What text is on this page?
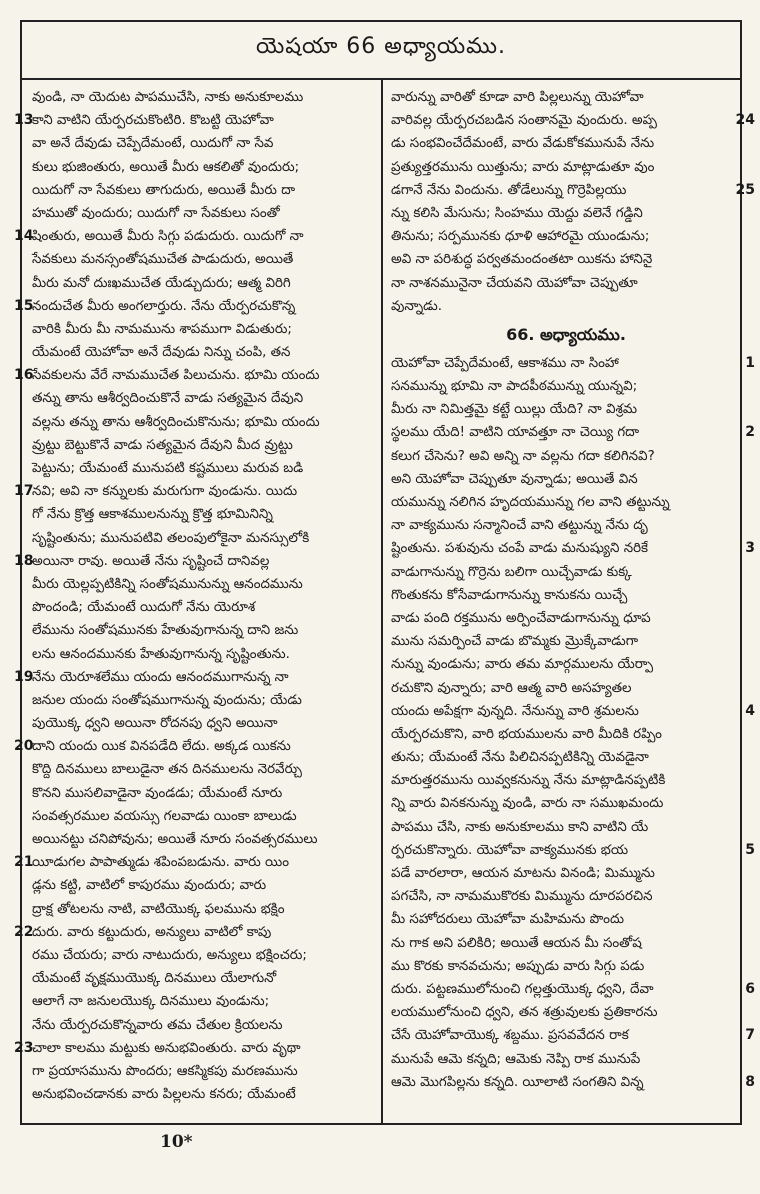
యెషయా 66 అధ్యాయము.
వుండి, నా యెదుట పాపముచేసి, నాకు అనుకూలము
13
కాని వాటిని యేర్పరచుకొంటిరి. కొబట్టి యెహోవా
వా అనే దేవుడు చెప్పేదేమంటే, యిదుగో నా సేవ
కులు భుజింతురు, అయితే మీరు ఆకలితో వుందురు;
యిదుగో నా సేవకులు తాగుదురు, అయితే మీరు దా
హముతో వుందురు; యిదుగో నా సేవకులు సంతో
14
షింతురు, అయితే మీరు సిగ్గు పడుదురు. యిదుగో నా
సేవకులు మనస్సంతోషముచేత పాడుదురు, అయితే
మీరు మనో దుఃఖముచేత యేడ్చుదురు; ఆత్మ విరిగి
15
నందుచేత మీరు అంగలార్తురు. నేను యేర్పరచుకొన్న
వారికి మీరు మీ నామమును శాపముగా విడుతురు;
యేమంటే యెహోవా అనే దేవుడు నిన్ను చంపి, తన
16
సేవకులను వేరే నామముచేత పిలుచును. భూమి యందు
తన్ను తాను ఆశీర్వదించుకొనే వాడు సత్యమైన దేవుని
వల్లను తన్ను తాను ఆశీర్వదించుకొనును; భూమి యందు
వ్రుట్టు బెట్టుకొనే వాడు సత్యమైన దేవుని మీద వ్రుట్టు
పెట్టును; యేమంటే మునుపటి కష్టములు మరువ బడి
17
నవి; అవి నా కన్నులకు మరుగుగా వుండును. యిదు
గో నేను క్రొత్త ఆకాశములనున్ను క్రొత్త భూమినిన్ని
సృష్టింతును; మునుపటివి తలంపులోకైనా మనస్సులోకి
18
అయినా రావు. అయితే నేను సృష్టించే దానివల్ల
మీరు యెల్లప్పటికిన్ని సంతోషమునున్ను ఆనందమును
పొందండి; యేమంటే యిదుగో నేను యెరూశ
లేమును సంతోషమునకు హేతువుగానున్న దాని జను
లను ఆనందమునకు హేతువుగానున్న సృష్టింతును.
19
నేను యెరూశలేము యందు ఆనందముగానున్న నా
జనుల యందు సంతోషముగానున్న వుందును; యేడు
పుయొక్క ధ్వని అయినా రోదనపు ధ్వని అయినా
20
దాని యందు యిక వినపడేది లేదు. అక్కడ యికను
కొద్ది దినములు బాలుడైనా తన దినములను నెరవేర్చు
కొనని ముసలివాడైనా వుండడు; యేమంటే నూరు
సంవత్సరముల వయస్సు గలవాడు యింకా బాలుడు
అయినట్టు చనిపోవును; అయితే నూరు సంవత్సరములు
21
యీడుగల పాపాత్ముడు శపింపబడును. వారు యిం
డ్లను కట్టి, వాటిలో కాపురము వుందురు; వారు
ద్రాక్ష తోటలను నాటి, వాటియొక్క ఫలమును భక్షిం
22
దురు. వారు కట్టుదురు, అన్యులు వాటిలో కాపు
రము చేయరు; వారు నాటుదురు, అన్యులు భక్షించరు;
యేమంటే వృక్షముయొక్క దినములు యేలాగునో
ఆలాగే నా జనులయొక్క దినములు వుండును;
నేను యేర్పరచుకొన్నవారు తమ చేతుల క్రియలను
23
చాలా కాలము మట్టుకు అనుభవింతురు. వారు వృథా
గా ప్రయాసమును పొందరు; ఆకస్మికపు మరణమును
అనుభవించడానకు వారు పిల్లలను కనరు; యేమంటే
వారున్ను వారితో కూడా వారి పిల్లలున్ను యెహోవా
24
వారివల్ల యేర్పరచబడిన సంతానమై వుందురు. అప్ప
డు సంభవించేదేమంటే, వారు వేడుకోకమునుపే నేను
ప్రత్యుత్తరమును యిత్తును; వారు మాట్లాడుతూ వుం
25
డగానే నేను విందును. తోడేలున్ను గొర్రెపిల్లయు
న్ను కలిసి మేసును; సింహము యెద్దు వలెనే గడ్డిని
తినును; సర్పమునకు ధూళి ఆహారమై యుండును;
అవి నా పరిశుద్ధ పర్వతమందంతటా యికను హానినై
నా నాశనమునైనా చేయవని యెహోవా చెప్పుతూ
వున్నాడు.
66. అధ్యాయము.
1
యెహోవా చెప్పేదేమంటే, ఆకాశము నా సింహా
సనమున్ను భూమి నా పాదపీఠమున్ను యున్నవి;
మీరు నా నిమిత్తమై కట్టే యిల్లు యేది? నా విశ్రమ
2
స్థలము యేది! వాటిని యావత్తూ నా చెయ్యి గదా
కలుగ చేసెను? అవి అన్ని నా వల్లను గదా కలిగినవి?
అని యెహోవా చెప్పుతూ వున్నాడు; అయితే విన
యమున్ను నలిగిన హృదయమున్ను గల వాని తట్టున్ను
నా వాక్యమును సన్మానించే వాని తట్టున్ను నేను దృ
3
ష్టింతును. పశువును చంపే వాడు మనుష్యుని నరికే
వాడుగానున్ను గొర్రెను బలిగా యిచ్చేవాడు కుక్క
గొంతుకను కోసేవాడుగానున్ను కానుకను యిచ్చే
వాడు పంది రక్తమును అర్పించేవాడుగానున్ను ధూప
మును సమర్పించే వాడు బొమ్మకు మ్రొక్కేవాడుగా
నున్ను వుండును; వారు తమ మార్గములను యేర్పా
రచుకొని వున్నారు; వారి ఆత్మ వారి అసహ్యతల
4
యందు అపేక్షగా వున్నది. నేనున్ను వారి శ్రమలను
యేర్పరచుకొని, వారి భయములను వారి మీదికి రప్పిం
తును; యేమంటే నేను పిలిచినప్పటికిన్ని యెవడైనా
మారుత్తరమును యివ్వకనున్ను నేను మాట్లాడినప్పటికి
న్ని వారు వినకనున్ను వుండి, వారు నా సముఖమందు
పాపము చేసి, నాకు అనుకూలము కాని వాటిని యే
5
ర్పరచుకొన్నారు. యెహోవా వాక్యమునకు భయ
పడే వారలారా, ఆయన మాటను వినండి; మిమ్మును
పగచేసి, నా నామముకొరకు మిమ్మును దూరపరచిన
మీ సహోదరులు యెహోవా మహిమను పొందు
ను గాక అని పలికిరి; అయితే ఆయన మీ సంతోష
ము కొరకు కానవచును; అప్పుడు వారు సిగ్గు పడు
6
దురు. పట్టణములోనుంచి గల్లత్తుయొక్క ధ్వని, దేవా
లయములోనుంచి ధ్వని, తన శత్రువులకు ప్రతికారను
7
చేసే యెహోవాయొక్క శబ్దము. ప్రసవవేదన రాక
మునుపే ఆమె కన్నది; ఆమెకు నెప్పి రాక మునుపే
8
ఆమె మొగపిల్లను కన్నది. యీలాటి సంగతిని విన్న
10*
